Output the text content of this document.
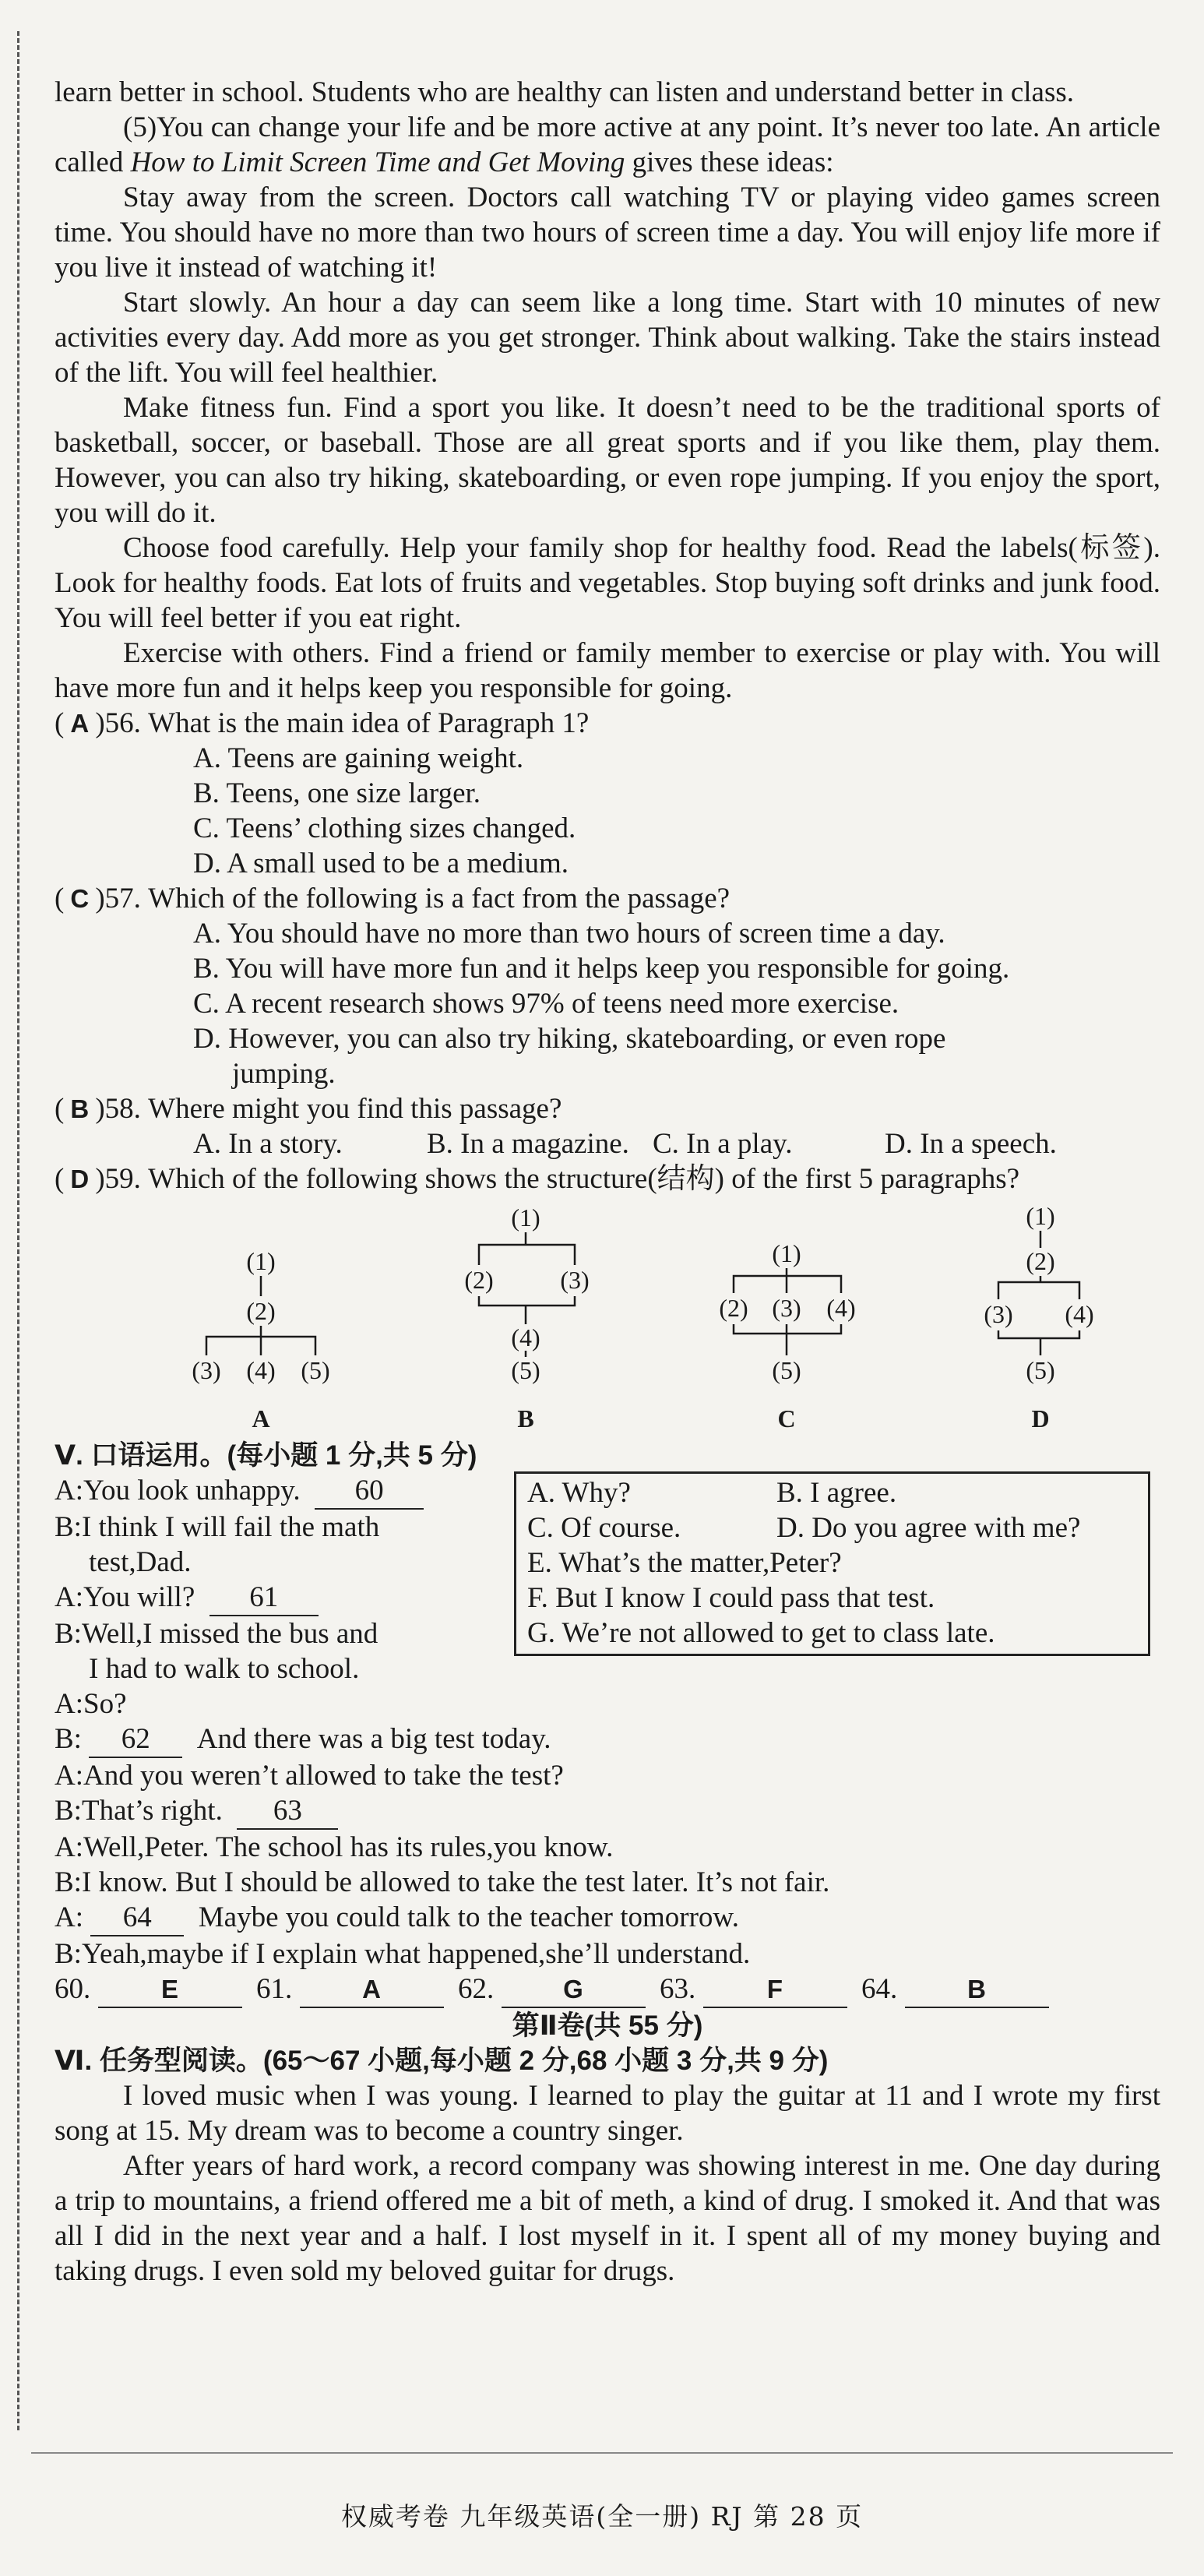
learn better in school. Students who are healthy can listen and understand better in class.

(5)You can change your life and be more active at any point. It’s never too late. An article called How to Limit Screen Time and Get Moving gives these ideas:

Stay away from the screen. Doctors call watching TV or playing video games screen time. You should have no more than two hours of screen time a day. You will enjoy life more if you live it instead of watching it!

Start slowly. An hour a day can seem like a long time. Start with 10 minutes of new activities every day. Add more as you get stronger. Think about walking. Take the stairs instead of the lift. You will feel healthier.

Make fitness fun. Find a sport you like. It doesn’t need to be the traditional sports of basketball, soccer, or baseball. Those are all great sports and if you like them, play them. However, you can also try hiking, skateboarding, or even rope jumping. If you enjoy the sport, you will do it.

Choose food carefully. Help your family shop for healthy food. Read the labels(标签). Look for healthy foods. Eat lots of fruits and vegetables. Stop buying soft drinks and junk food. You will feel better if you eat right.

Exercise with others. Find a friend or family member to exercise or play with. You will have more fun and it helps keep you responsible for going.

( A ) 56.
What is the main idea of Paragraph 1?

A. Teens are gaining weight.

B. Teens, one size larger.

C. Teens’ clothing sizes changed.

D. A small used to be a medium.

( C ) 57.
Which of the following is a fact from the passage?

A. You should have no more than two hours of screen time a day.

B. You will have more fun and it helps keep you responsible for going.

C. A recent research shows 97% of teens need more exercise.

D. However, you can also try hiking, skateboarding, or even rope

jumping.

( B ) 58.
Where might you find this passage?

A. In a story.	B. In a magazine. C. In a play.	D. In a speech.

( D )59. Which of the following shows the structure(结构) of the first 5 paragraphs?

(1)
(2)
(3) (4) (5)
A
(1)
(2)	(3)
(4)
(5)
B
(1)
(2) (3) (4)
(5)
C
(1)
(2)
(3) (4)
(5)
D

Ⅴ. 口语运用。(每小题 1 分,共 5 分)

A. Why?	B. I agree.

C. Of course.	D. Do you agree with me?

E. What’s the matter,Peter?

F. But I know I could pass that test.

G. We’re not allowed to get to class late.

A:You look unhappy. 60

B:I think I will fail the math

test,Dad.

A:You will? 61

B:Well,I missed the bus and

I had to walk to school.

A:So?

B: 62 And there was a big test today.

A:And you weren’t allowed to take the test?

B:That’s right. 63

A:Well,Peter. The school has its rules,you know.

B:I know. But I should be allowed to take the test later. It’s not fair.

A: 64 Maybe you could talk to the teacher tomorrow.

B:Yeah,maybe if I explain what happened,she’ll understand.

60.
	E
	61.
	A
	62.
	G
	63.
	F
	64.
	B

第Ⅱ卷(共 55 分)

Ⅵ. 任务型阅读。(65～67 小题,每小题 2 分,68 小题 3 分,共 9 分)

I loved music when I was young. I learned to play the guitar at 11 and I wrote my first song at 15. My dream was to become a country singer.

After years of hard work, a record company was showing interest in me. One day during a trip to mountains, a friend offered me a bit of meth, a kind of drug. I smoked it. And that was all I did in the next year and a half. I lost myself in it. I spent all of my money buying and taking drugs. I even sold my beloved guitar for drugs.

权威考卷 九年级英语(全一册) RJ 第 28 页
